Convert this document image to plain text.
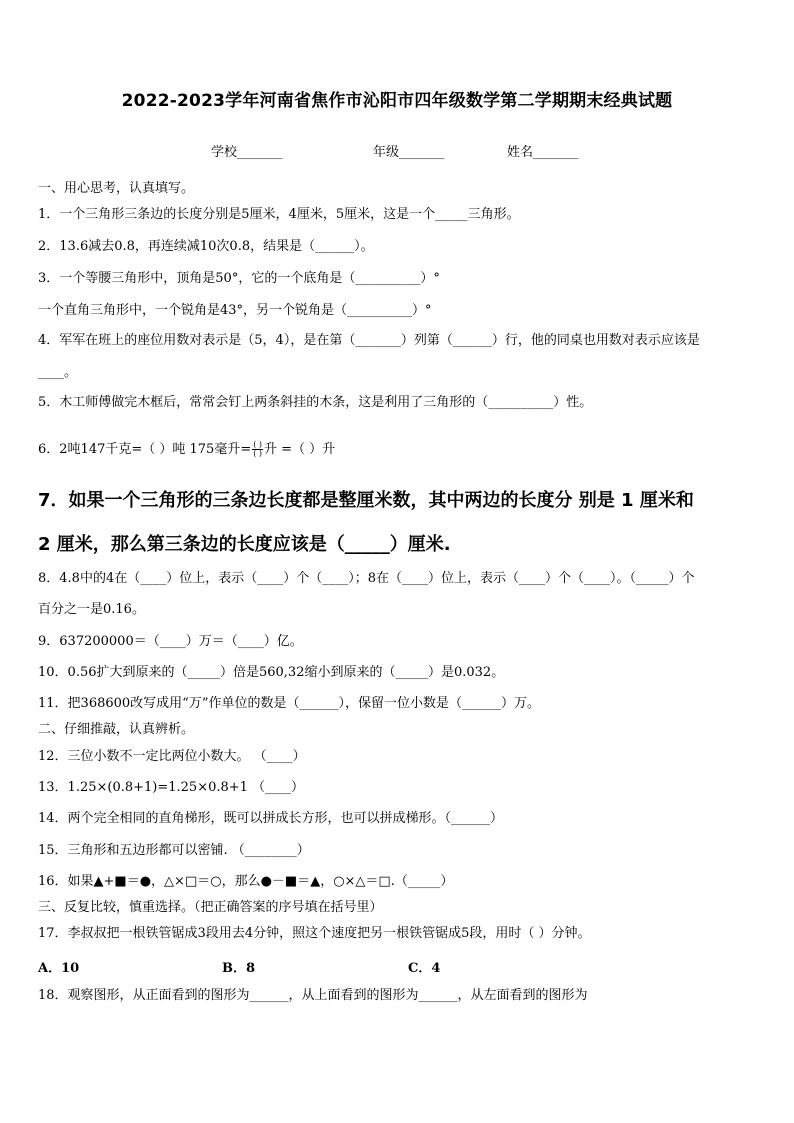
2022-2023学年河南省焦作市沁阳市四年级数学第二学期期末经典试题
学校_______	年级_______	姓名_______
一、用心思考，认真填写。
1．一个三角形三条边的长度分别是5厘米，4厘米，5厘米，这是一个_____三角形。
2．13.6减去0.8，再连续减10次0.8，结果是（______）。
3．一个等腰三角形中，顶角是50°，它的一个底角是（__________）°
一个直角三角形中，一个锐角是43°，另一个锐角是（__________）°
4．军军在班上的座位用数对表示是（5，4），是在第（_______）列第（______）行，他的同桌也用数对表示应该是
____。
5．木工师傅做完木框后，常常会钉上两条斜挂的木条，这是利用了三角形的（__________）性。
6．2吨147千克=（ ）吨 175毫升= $\frac{( )}{( )}$ 升 =（ ）升
7．如果一个三角形的三条边长度都是整厘米数，其中两边的长度分 别是 1 厘米和
2 厘米，那么第三条边的长度应该是（_____）厘米.
8．4.8中的4在（____）位上，表示（____）个（____）；8在（____）位上，表示（____）个（____）。（_____）个
百分之一是0.16。
9．637200000＝（____）万＝（____）亿。
10．0.56扩大到原来的（_____）倍是560,32缩小到原来的（_____）是0.032。
11．把368600改写成用“万”作单位的数是（______），保留一位小数是（______）万。
二、仔细推敲，认真辨析。
12．三位小数不一定比两位小数大。 （____）
13．1.25×(0.8+1)=1.25×0.8+1 （____）
14．两个完全相同的直角梯形，既可以拼成长方形，也可以拼成梯形。（______）
15．三角形和五边形都可以密铺. （________）
16．如果▲+■＝●，△×□＝○，那么●－■＝▲，○×△＝□.（_____）
三、反复比较，慎重选择。（把正确答案的序号填在括号里）
17．李叔叔把一根铁管锯成3段用去4分钟，照这个速度把另一根铁管锯成5段，用时（ ）分钟。
A．10	B．8	C．4
18．观察图形，从正面看到的图形为______，从上面看到的图形为______，从左面看到的图形为
